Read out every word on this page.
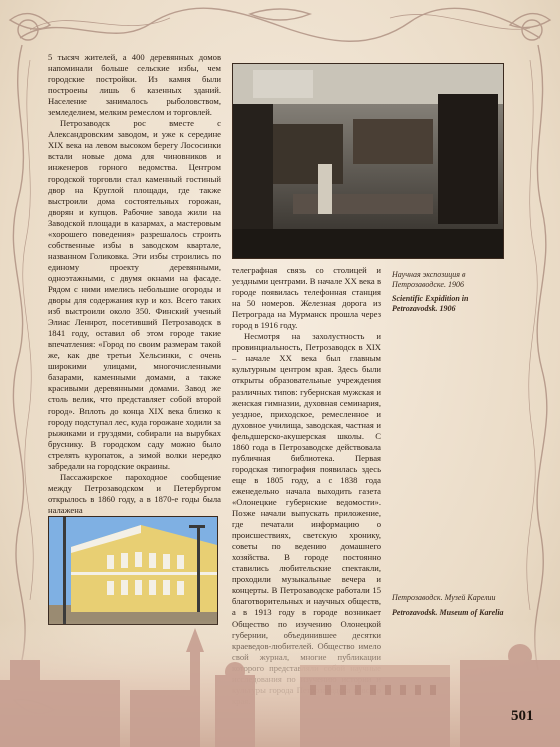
5 тысяч жителей, а 400 деревянных домов напоминали больше сельские избы, чем городские постройки. Из камня были построены лишь 6 казенных зданий. Население занималось рыболовством, земледелием, мелким ремеслом и торговлей.

Петрозаводск рос вместе с Александровским заводом, и уже к середине XIX века на левом высоком берегу Лососинки встали новые дома для чиновников и инженеров горного ведомства. Центром городской торговли стал каменный гостиный двор на Круглой площади, где также выстроили дома состоятельных горожан, дворян и купцов. Рабочие завода жили на Заводской площади в казармах, а мастеровым «хорошего поведения» разрешалось строить собственные избы в заводском квартале, названном Голиковка. Эти избы строились по единому проекту деревянными, одноэтажными, с двумя окнами на фасаде. Рядом с ними имелись небольшие огороды и дворы для содержания кур и коз. Всего таких изб выстроили около 350. Финский ученый Элиас Леннрот, посетивший Петрозаводск в 1841 году, оставил об этом городе такие впечатления: «Город по своим размерам такой же, как две третьи Хельсинки, с очень широкими улицами, многочисленными базарами, каменными домами, а также красивыми деревянными домами. Завод же столь велик, что представляет собой второй город». Вплоть до конца XIX века близко к городу подступал лес, куда горожане ходили за рыжиками и груздями, собирали на вырубках бруснику. В городском саду можно было стрелять куропаток, а зимой волки нередко забредали на городские окраины.

Пассажирское пароходное сообщение между Петрозаводском и Петербургом открылось в 1860 году, а в 1870-е годы была налажена

телеграфная связь со столицей и уездными центрами. В начале XX века в городе появилась телефонная станция на 50 номеров. Железная дорога из Петрограда на Мурманск прошла через город в 1916 году.

Несмотря на захолустность и провинциальность, Петрозаводск в XIX – начале XX века был главным культурным центром края. Здесь были открыты образовательные учреждения различных типов: губернская мужская и женская гимназии, духовная семинария, уездное, приходское, ремесленное и духовное училища, заводская, частная и фельдшерско-акушерская школы. С 1860 года в Петрозаводске действовала публичная библиотека. Первая городская типография появилась здесь еще в 1805 году, а с 1838 года еженедельно начала выходить газета «Олонецкие губернские ведомости». Позже начали выпускать приложение, где печатали информацию о происшествиях, светскую хронику, советы по ведению домашнего хозяйства. В городе постоянно ставились любительские спектакли, проходили музыкальные вечера и концерты. В Петрозаводске работали 15 благотворительных и научных обществ, а в 1913 году в городе возникает

Научная экспозиция в Петрозаводске. 1906
Scientific Expidition in Petrozavodsk. 1906
Петрозаводск. Музей Карелии
Petrozavodsk. Museum of Karelia
501
